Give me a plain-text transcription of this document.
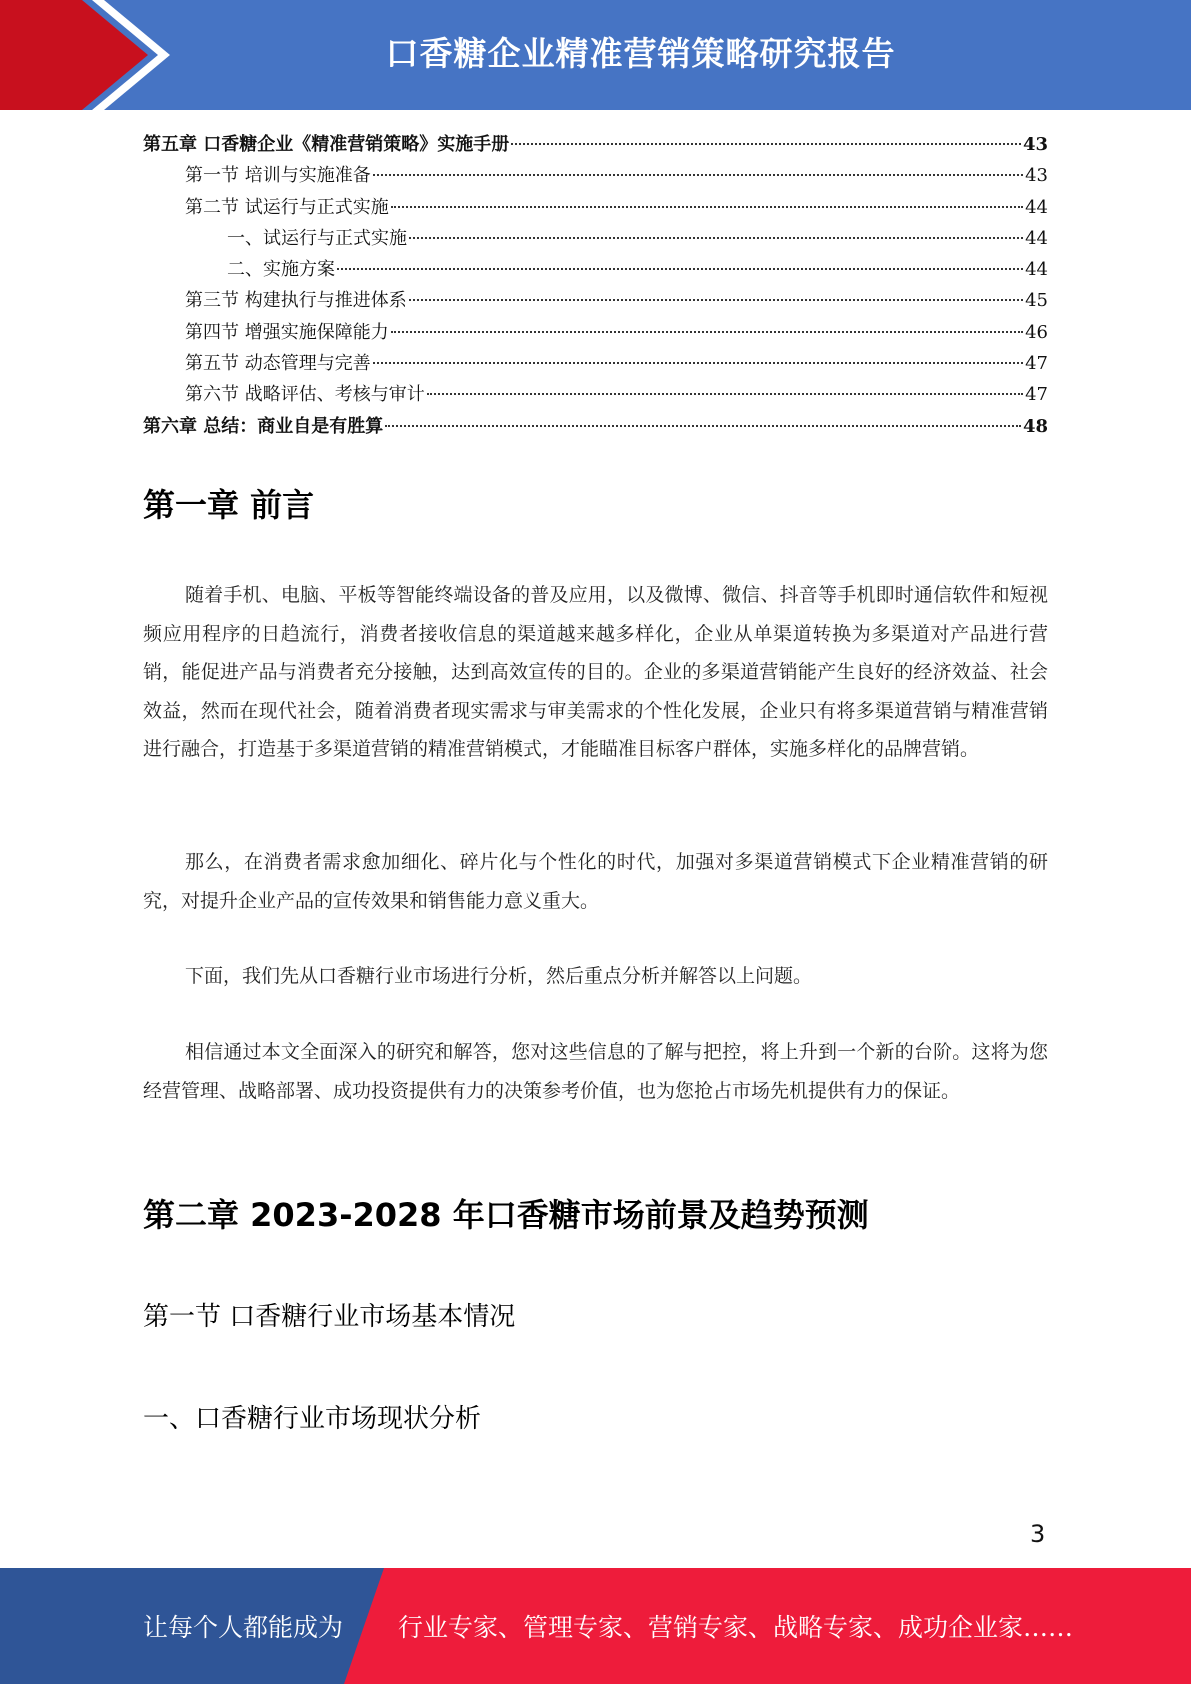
口香糖企业精准营销策略研究报告
第五章 口香糖企业《精准营销策略》实施手册	43
第一节 培训与实施准备	43
第二节 试运行与正式实施	44
一、试运行与正式实施	44
二、实施方案	44
第三节 构建执行与推进体系	45
第四节 增强实施保障能力	46
第五节 动态管理与完善	47
第六节 战略评估、考核与审计	47
第六章 总结：商业自是有胜算	48
第一章 前言

随着手机、电脑、平板等智能终端设备的普及应用，以及微博、微信、抖音等手机即时通信软件和短视频应用程序的日趋流行，消费者接收信息的渠道越来越多样化，企业从单渠道转换为多渠道对产品进行营销，能促进产品与消费者充分接触，达到高效宣传的目的。企业的多渠道营销能产生良好的经济效益、社会效益，然而在现代社会，随着消费者现实需求与审美需求的个性化发展，企业只有将多渠道营销与精准营销进行融合，打造基于多渠道营销的精准营销模式，才能瞄准目标客户群体，实施多样化的品牌营销。

那么，在消费者需求愈加细化、碎片化与个性化的时代，加强对多渠道营销模式下企业精准营销的研究，对提升企业产品的宣传效果和销售能力意义重大。

下面，我们先从口香糖行业市场进行分析，然后重点分析并解答以上问题。

相信通过本文全面深入的研究和解答，您对这些信息的了解与把控，将上升到一个新的台阶。这将为您经营管理、战略部署、成功投资提供有力的决策参考价值，也为您抢占市场先机提供有力的保证。

第二章 2023-2028 年口香糖市场前景及趋势预测
第一节 口香糖行业市场基本情况
一、口香糖行业市场现状分析
3
让每个人都能成为 行业专家、管理专家、营销专家、战略专家、成功企业家……
